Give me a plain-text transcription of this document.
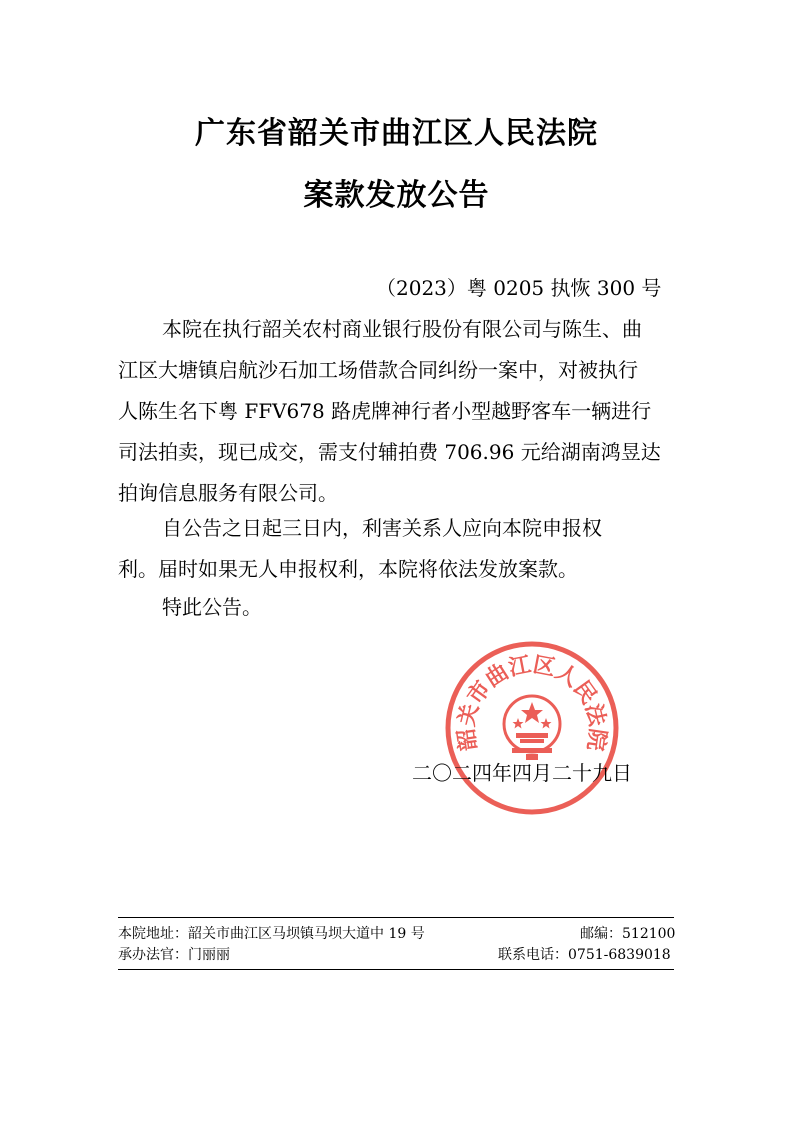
广东省韶关市曲江区人民法院
案款发放公告
（2023）粤 0205 执恢 300 号
本院在执行韶关农村商业银行股份有限公司与陈生、曲
江区大塘镇启航沙石加工场借款合同纠纷一案中，对被执行
人陈生名下粤 FFV678 路虎牌神行者小型越野客车一辆进行
司法拍卖，现已成交，需支付辅拍费 706.96 元给湖南鸿昱达
拍询信息服务有限公司。
自公告之日起三日内，利害关系人应向本院申报权
利。届时如果无人申报权利，本院将依法发放案款。
特此公告。
韶关市曲江区人民法院
二〇二四年四月二十九日
本院地址：韶关市曲江区马坝镇马坝大道中 19 号	邮编：512100
承办法官：门丽丽	联系电话：0751-6839018
